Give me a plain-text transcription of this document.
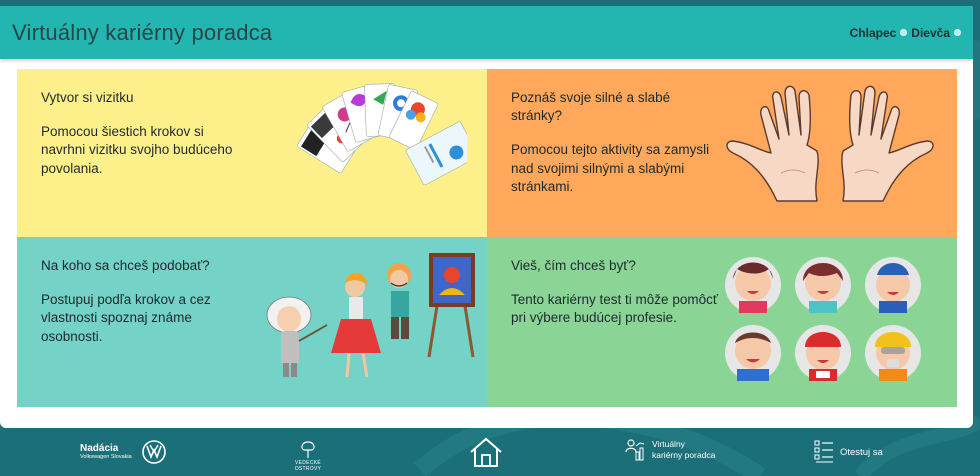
Virtuálny kariérny poradca	Chlapec Dievča
Vytvor si vizitku
Pomocou šiestich krokov si navrhni vizitku svojho budúceho povolania.
Poznáš svoje silné a slabé stránky?
Pomocou tejto aktivity sa zamysli nad svojimi silnými a slabými stránkami.
Na koho sa chceš podobať?
Postupuj podľa krokov a cez vlastnosti spoznaj známe osobnosti.
Vieš, čím chceš byť?
Tento kariérny test ti môže pomôcť pri výbere budúcej profesie.
Nadácia
Volkswagen Slovakia
VEDECKÉ OSTROVY
Virtuálny
kariérny poradca	Otestuj sa
